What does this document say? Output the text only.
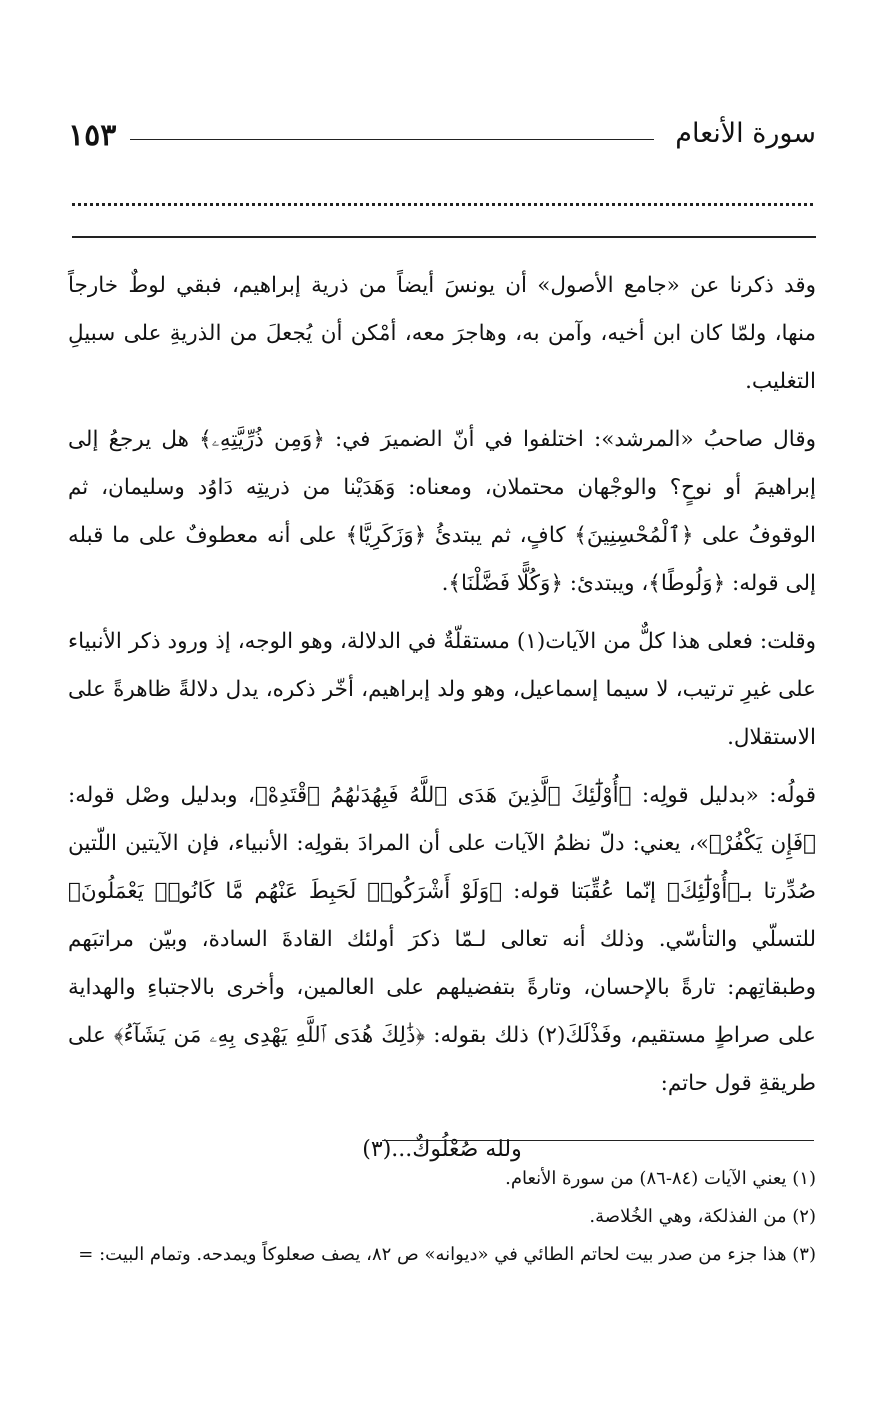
سورة الأنعام
١٥٣

وقد ذكرنا عن «جامع الأصول» أن يونسَ أيضاً من ذرية إبراهيم، فبقي لوطٌ خارجاً منها، ولمّا كان ابن أخيه، وآمن به، وهاجرَ معه، أمْكن أن يُجعلَ من الذريةِ على سبيلِ التغليب.

وقال صاحبُ «المرشد»: اختلفوا في أنّ الضميرَ في: ﴿وَمِن ذُرِّيَّتِهِۦ﴾ هل يرجعُ إلى إبراهيمَ أو نوحٍ؟ والوجْهان محتملان، ومعناه: وَهَدَيْنا من ذريتِه دَاوُد وسليمان، ثم الوقوفُ على ﴿ٱلْمُحْسِنِينَ﴾ كافٍ، ثم يبتدئُ ﴿وَزَكَرِيَّا﴾ على أنه معطوفٌ على ما قبله إلى قوله: ﴿وَلُوطًا﴾، ويبتدئ: ﴿وَكُلًّا فَضَّلْنَا﴾.

وقلت: فعلى هذا كلٌّ من الآيات(١) مستقلّةٌ في الدلالة، وهو الوجه، إذ ورود ذكر الأنبياء على غيرِ ترتيب، لا سيما إسماعيل، وهو ولد إبراهيم، أخّر ذكره، يدل دلالةً ظاهرةً على الاستقلال.

قولُه: «بدليل قولِه: ﴿أُوْلَٰٓئِكَ ٱلَّذِينَ هَدَى ٱللَّهُ فَبِهُدَىٰهُمُ ٱقْتَدِهْ﴾، وبدليل وصْل قوله: ﴿فَإِن يَكْفُرْ﴾»، يعني: دلّ نظمُ الآيات على أن المرادَ بقولِه: الأنبياء، فإن الآيتين اللّتين صُدِّرتا بـ﴿أُوْلَٰٓئِكَ﴾ إنّما عُقِّبَتا قوله: ﴿وَلَوْ أَشْرَكُوا۟ لَحَبِطَ عَنْهُم مَّا كَانُوا۟ يَعْمَلُونَ﴾ للتسلّي والتأسّي. وذلك أنه تعالى لـمّا ذكرَ أولئك القادةَ السادة، وبيّن مراتبَهم وطبقاتِهم: تارةً بالإحسان، وتارةً بتفضيلهم على العالمين، وأخرى بالاجتباءِ والهداية على صراطٍ مستقيم، وفَذْلَكَ(٢) ذلك بقوله: ﴿ذَٰلِكَ هُدَى ٱللَّهِ يَهْدِى بِهِۦ مَن يَشَآءُ﴾ على طريقةِ قول حاتم:

ولله صُعْلُوكٌ...(٣)
(١) يعني الآيات (٨٤-٨٦) من سورة الأنعام.
(٢) من الفذلكة، وهي الخُلاصة.
(٣) هذا جزء من صدر بيت لحاتم الطائي في «ديوانه» ص ٨٢، يصف صعلوكاً ويمدحه. وتمام البيت: =
